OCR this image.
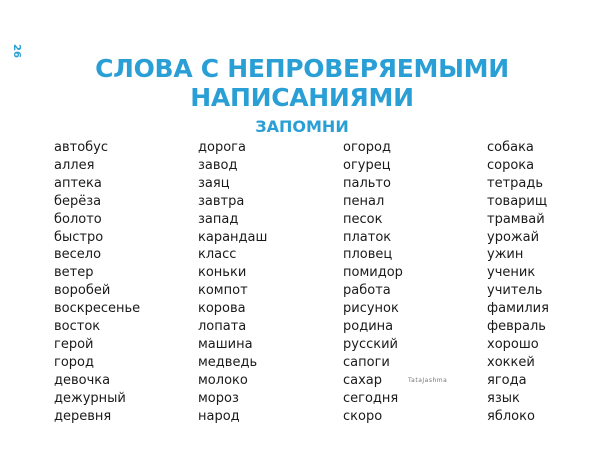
26
СЛОВА С НЕПРОВЕРЯЕМЫМИ
НАПИСАНИЯМИ
ЗАПОМНИ
автобус
аллея
аптека
берёза
болото
быстро
весело
ветер
воробей
воскресенье
восток
герой
город
девочка
дежурный
деревня
дорога
завод
заяц
завтра
запад
карандаш
класс
коньки
компот
корова
лопата
машина
медведь
молоко
мороз
народ
огород
огурец
пальто
пенал
песок
платок
пловец
помидор
работа
рисунок
родина
русский
сапоги
сахар
сегодня
скоро
собака
сорока
тетрадь
товарищ
трамвай
урожай
ужин
ученик
учитель
фамилия
февраль
хорошо
хоккей
ягода
язык
яблоко
TataJashma
